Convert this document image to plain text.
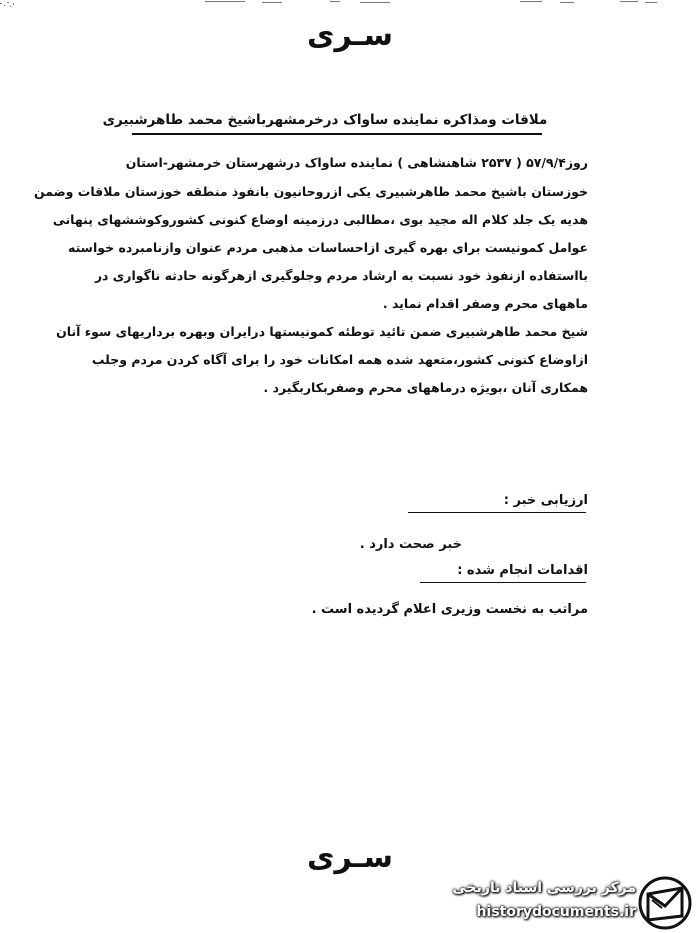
سـری
ملاقات ومذاکره نماینده ساواک درخرمشهرباشیخ محمد طاهرشبیری
روز۵۷/۹/۴ ( ۲۵۳۷ شاهنشاهی ) نماینده ساواک درشهرستان خرمشهر-استان
خوزستان باشیخ محمد طاهرشبیری یکی ازروحانیون بانفوذ منطقه خوزستان ملاقات وضمن
هدیه یک جلد کلام اله مجید بوی ،مطالبی درزمینه اوضاع کنونی کشوروکوششهای پنهانی
عوامل کمونیست برای بهره گیری ازاحساسات مذهبی مردم عنوان وازنامبرده خواسته
بااستفاده ازنفوذ خود نسبت به ارشاد مردم وجلوگیری ازهرگونه حادثه ناگواری در
ماههای محرم وصفر اقدام نماید .
شیخ محمد طاهرشبیری ضمن تائید توطئه کمونیستها درایران وبهره برداریهای سوء آنان
ازاوضاع کنونی کشور،متعهد شده همه امکانات خود را برای آگاه کردن مردم وجلب
همکاری آنان ،بویژه درماههای محرم وصفربکاربگیرد .
ارزیابی خبر :
خبر صحت دارد .
اقدامات انجام شده :
مراتب به نخست وزیری اعلام گردیده است .
سـری
مرکز بررسی اسناد تاریخی
historydocuments.ir
